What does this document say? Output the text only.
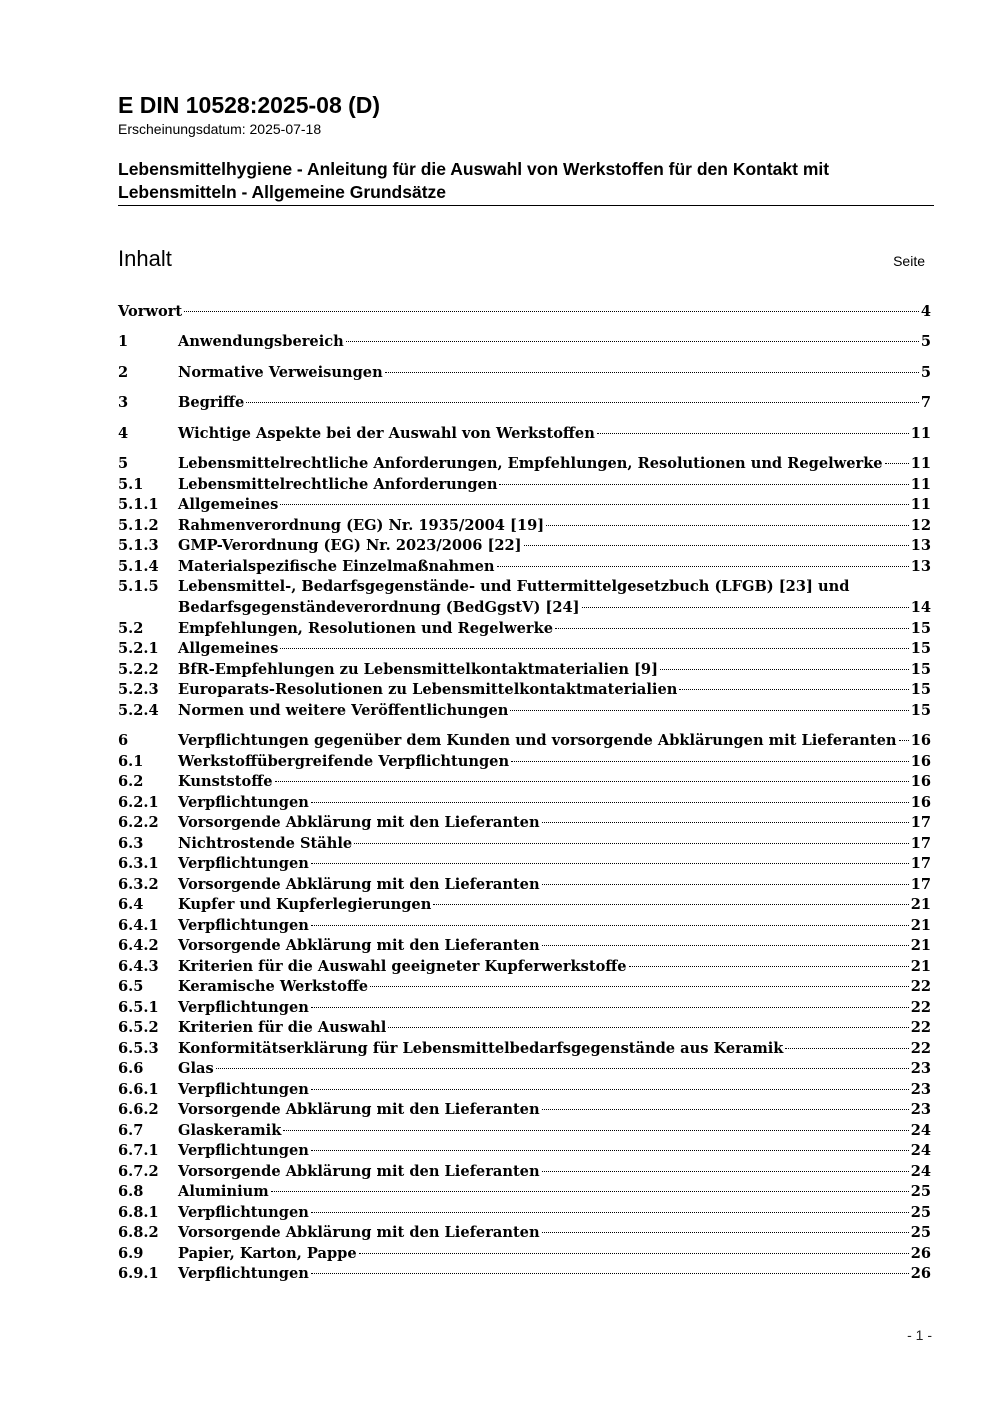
E DIN 10528:2025-08 (D)

Erscheinungsdatum: 2025-07-18

Lebensmittelhygiene - Anleitung für die Auswahl von Werkstoffen für den Kontakt mit Lebensmitteln - Allgemeine Grundsätze
Inhalt	Seite

Vorwort	4
1	Anwendungsbereich	5
2	Normative Verweisungen	5
3	Begriffe	7
4	Wichtige Aspekte bei der Auswahl von Werkstoffen	11
5	Lebensmittelrechtliche Anforderungen, Empfehlungen, Resolutionen und Regelwerke 11
5.1	Lebensmittelrechtliche Anforderungen	11
5.1.1	Allgemeines	11
5.1.2	Rahmenverordnung (EG) Nr. 1935/2004 [19]	12
5.1.3	GMP-Verordnung (EG) Nr. 2023/2006 [22]	13
5.1.4	Materialspezifische Einzelmaßnahmen	13
5.1.5	Lebensmittel-, Bedarfsgegenstände- und Futtermittelgesetzbuch (LFGB) [23] und
Bedarfsgegenständeverordnung (BedGgstV) [24]	14
5.2	Empfehlungen, Resolutionen und Regelwerke	15
5.2.1	Allgemeines	15
5.2.2	BfR-Empfehlungen zu Lebensmittelkontaktmaterialien [9]	15
5.2.3	Europarats-Resolutionen zu Lebensmittelkontaktmaterialien	15
5.2.4	Normen und weitere Veröffentlichungen	15
6	Verpflichtungen gegenüber dem Kunden und vorsorgende Abklärungen mit Lieferanten 16
6.1	Werkstoffübergreifende Verpflichtungen	16
6.2	Kunststoffe	16
6.2.1	Verpflichtungen	16
6.2.2	Vorsorgende Abklärung mit den Lieferanten	17
6.3	Nichtrostende Stähle	17
6.3.1	Verpflichtungen	17
6.3.2	Vorsorgende Abklärung mit den Lieferanten	17
6.4	Kupfer und Kupferlegierungen	21
6.4.1	Verpflichtungen	21
6.4.2	Vorsorgende Abklärung mit den Lieferanten	21
6.4.3	Kriterien für die Auswahl geeigneter Kupferwerkstoffe	21
6.5	Keramische Werkstoffe	22
6.5.1	Verpflichtungen	22
6.5.2	Kriterien für die Auswahl	22
6.5.3	Konformitätserklärung für Lebensmittelbedarfsgegenstände aus Keramik	22
6.6	Glas	23
6.6.1	Verpflichtungen	23
6.6.2	Vorsorgende Abklärung mit den Lieferanten	23
6.7	Glaskeramik	24
6.7.1	Verpflichtungen	24
6.7.2	Vorsorgende Abklärung mit den Lieferanten	24
6.8	Aluminium	25
6.8.1	Verpflichtungen	25
6.8.2	Vorsorgende Abklärung mit den Lieferanten	25
6.9	Papier, Karton, Pappe	26
6.9.1	Verpflichtungen	26

- 1 -
